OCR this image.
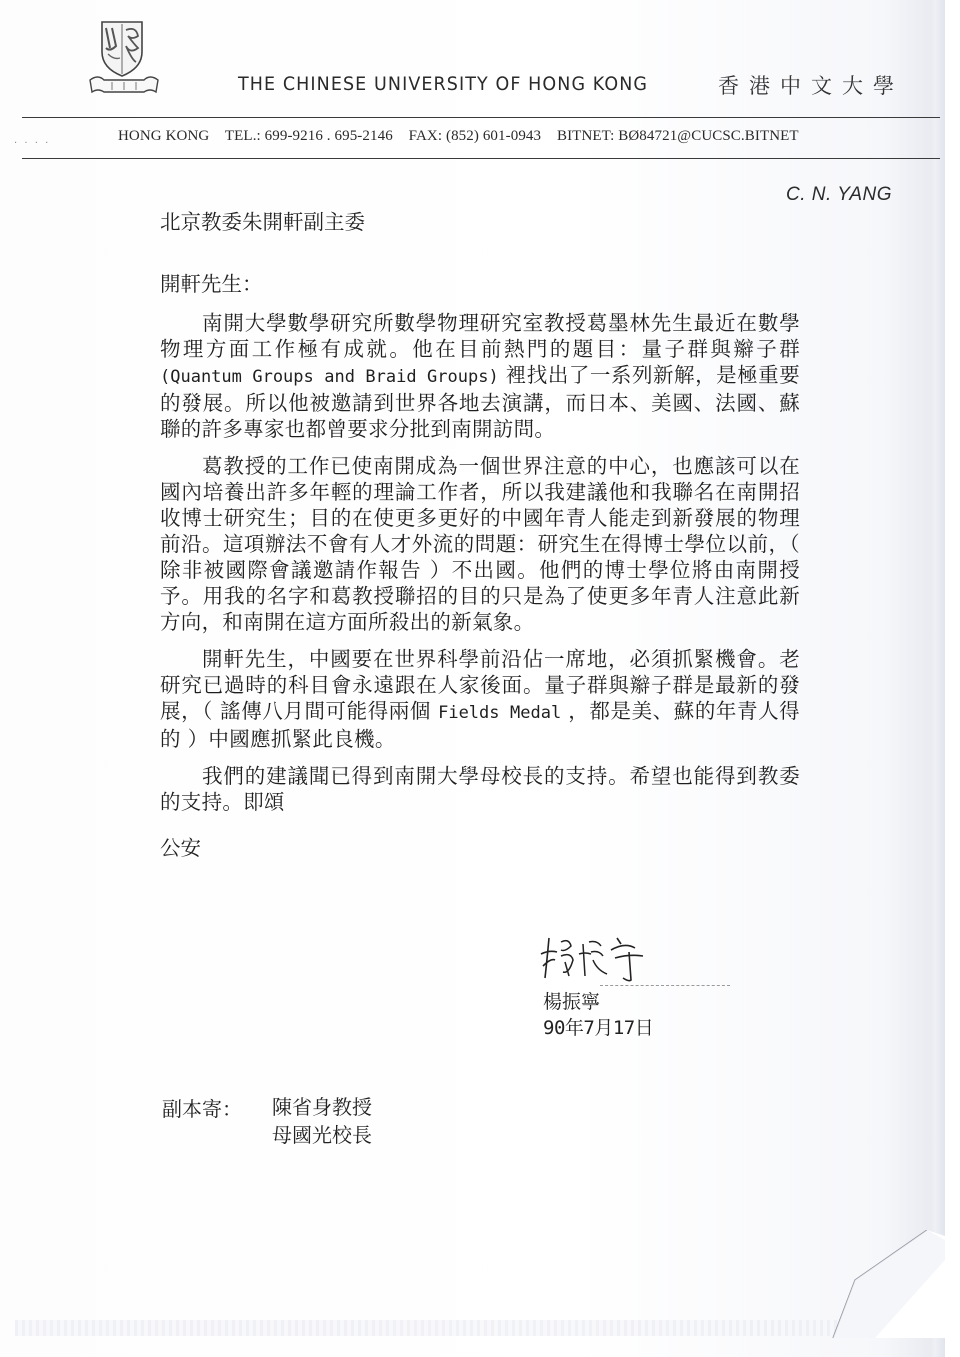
THE CHINESE UNIVERSITY OF HONG KONG	香港中文大學
. . . .	HONG KONG TEL.: 699-9216 . 695-2146 FAX: (852) 601-0943 BITNET: BØ84721@CUCSC.BITNET
C. N. YANG
北京教委朱開軒副主委
開軒先生：

南開大學數學研究所數學物理研究室教授葛墨林先生最近在數學物理方面工作極有成就。他在目前熱門的題目：量子群與辮子群(Quantum Groups and Braid Groups) 裡找出了一系列新解，是極重要的發展。所以他被邀請到世界各地去演講，而日本、美國、法國、蘇聯的許多專家也都曾要求分批到南開訪問。

葛教授的工作已使南開成為一個世界注意的中心，也應該可以在國內培養出許多年輕的理論工作者，所以我建議他和我聯名在南開招收博士研究生；目的在使更多更好的中國年青人能走到新發展的物理前沿。這項辦法不會有人才外流的問題：研究生在得博士學位以前，（ 除非被國際會議邀請作報告 ）不出國。他們的博士學位將由南開授予。用我的名字和葛教授聯招的目的只是為了使更多年青人注意此新方向，和南開在這方面所殺出的新氣象。

開軒先生，中國要在世界科學前沿佔一席地，必須抓緊機會。老研究已過時的科目會永遠跟在人家後面。量子群與辮子群是最新的發展，（ 謠傳八月間可能得兩個 Fields Medal ，都是美、蘇的年青人得的 ）中國應抓緊此良機。

我們的建議聞已得到南開大學母校長的支持。希望也能得到教委的支持。即頌

公安
楊振寧
90年7月17日
副本寄： 陳省身教授
母國光校長
